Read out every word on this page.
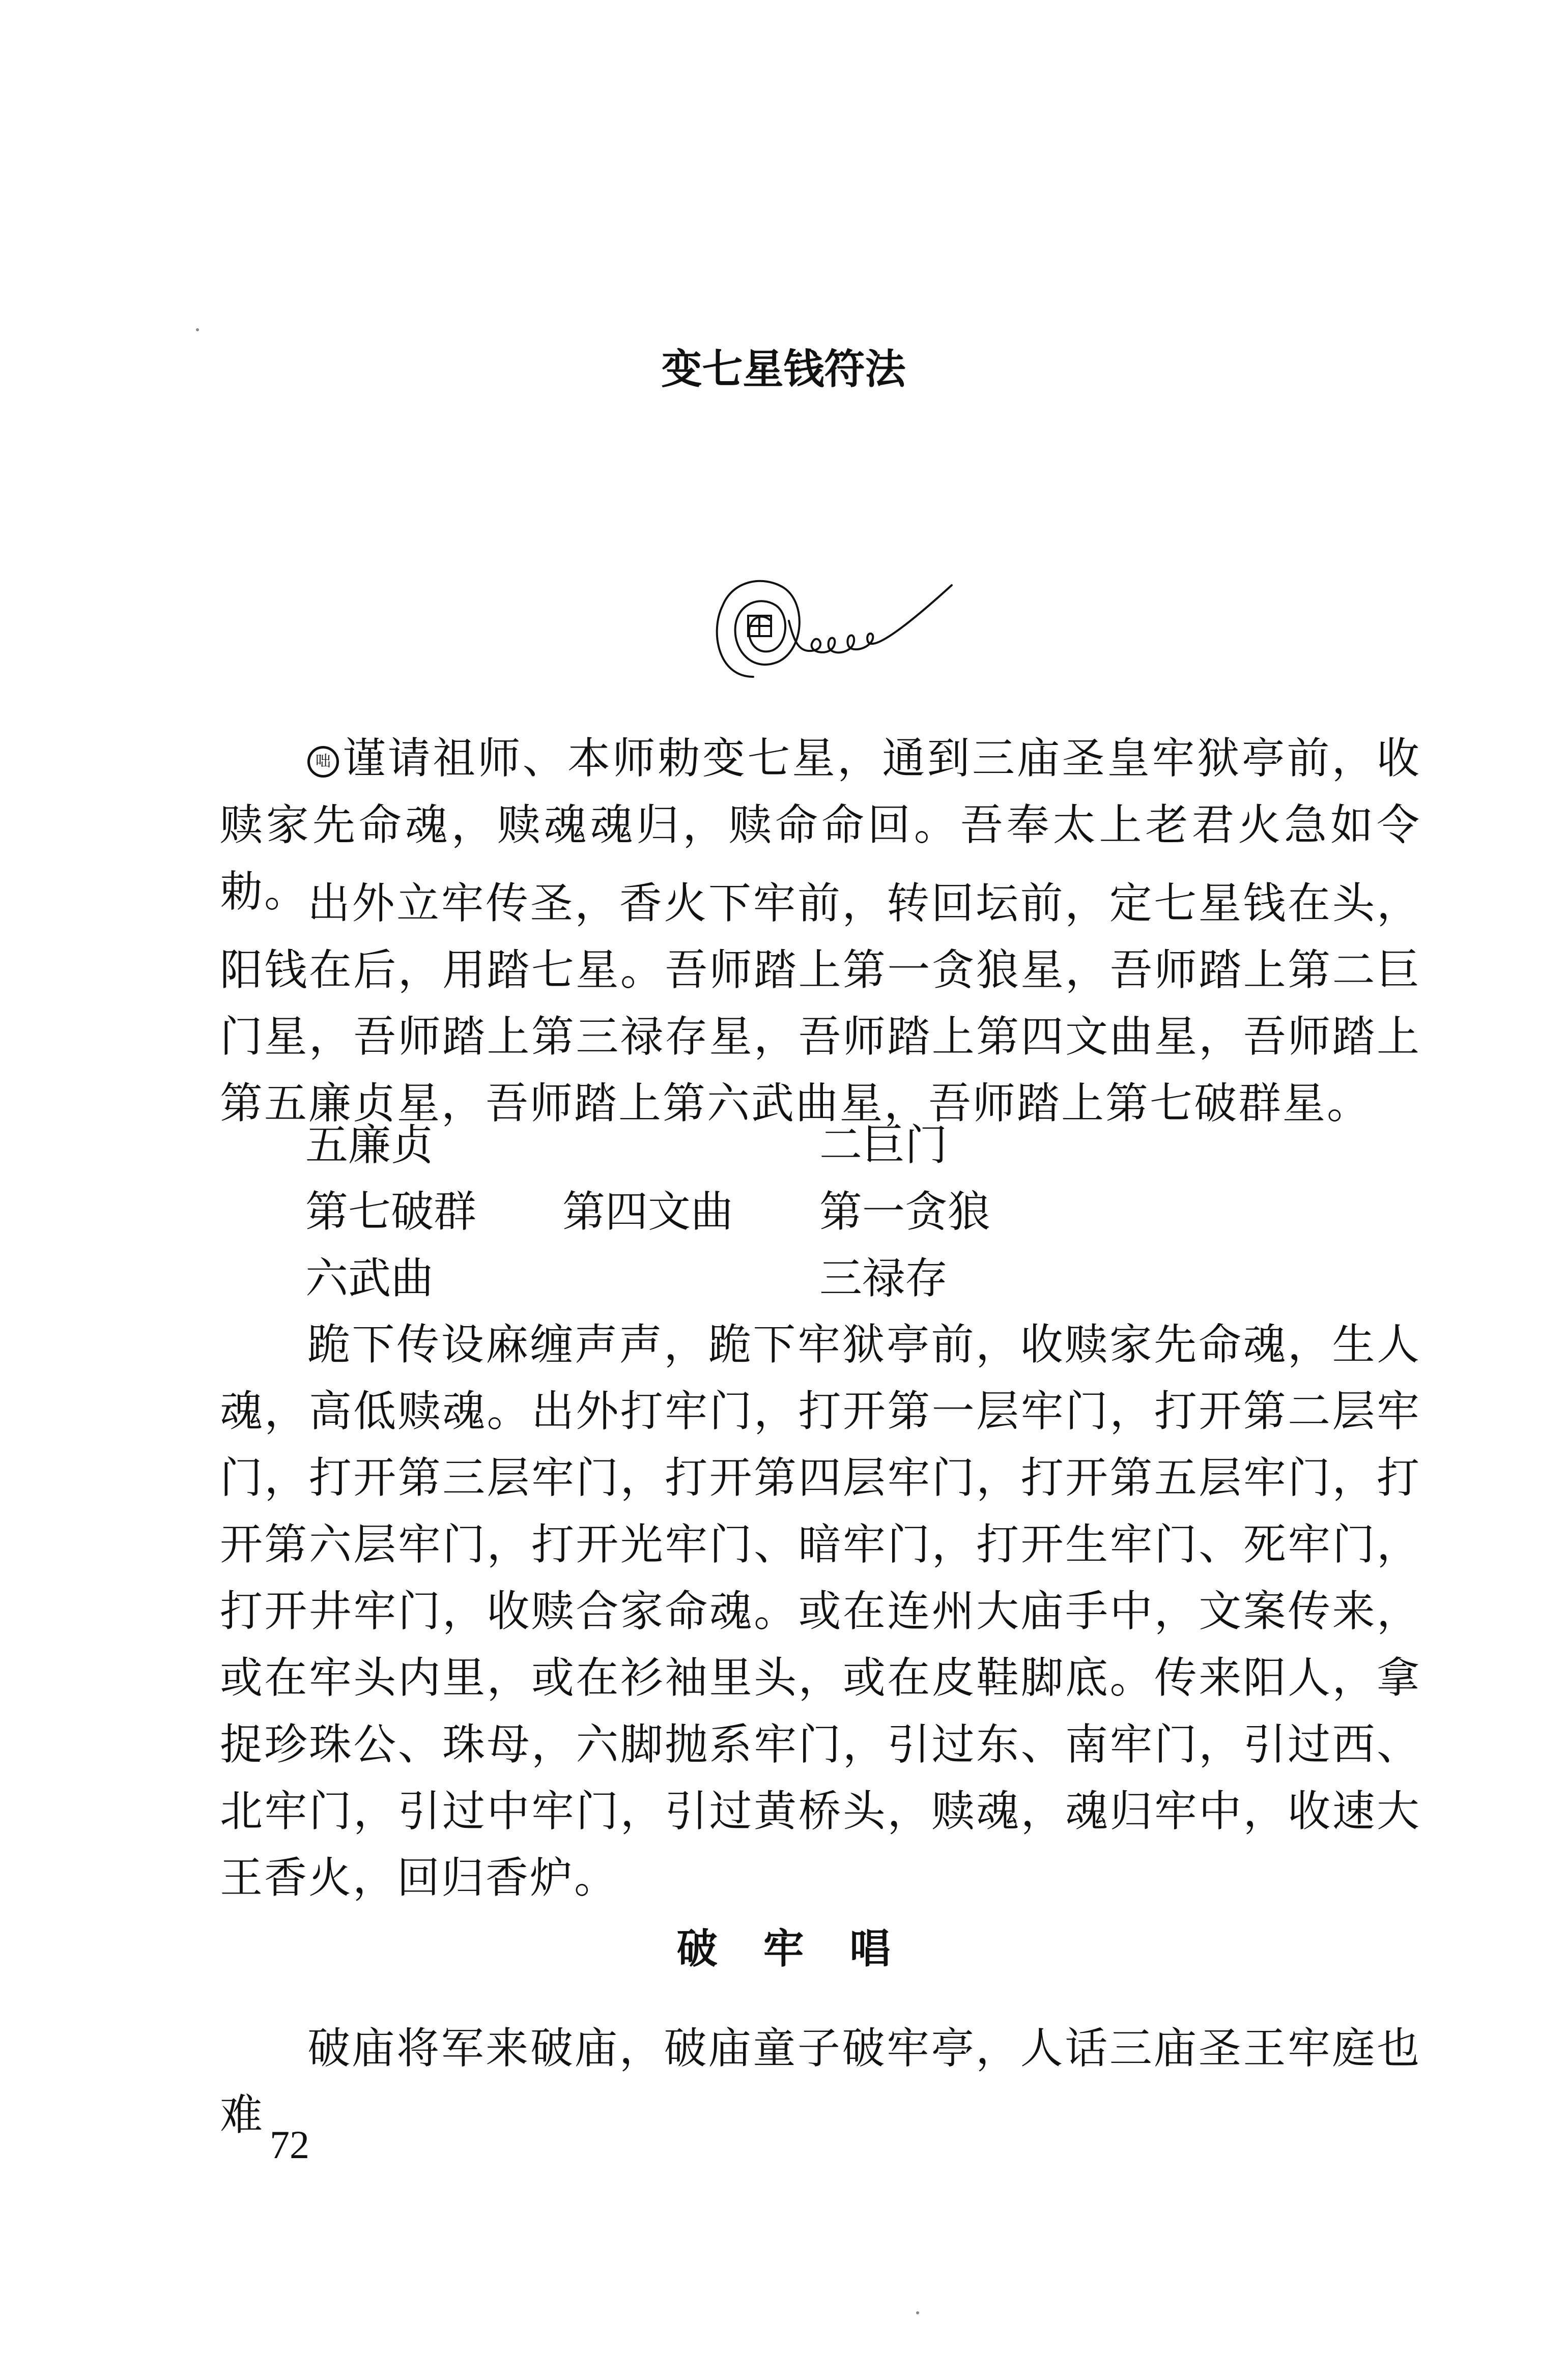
变七星钱符法

咄 谨请祖师、本师勅变七星，通到三庙圣皇牢狱亭前，收赎家先命魂，赎魂魂归，赎命命回。吾奉太上老君火急如令勅。

出外立牢传圣，香火下牢前，转回坛前，定七星钱在头，阳钱在后，用踏七星。吾师踏上第一贪狼星，吾师踏上第二巨门星，吾师踏上第三禄存星，吾师踏上第四文曲星，吾师踏上第五廉贞星，吾师踏上第六武曲星，吾师踏上第七破群星。

五廉贞	二巨门
第七破群 第四文曲 第一贪狼
六武曲	三禄存

跪下传设麻缠声声，跪下牢狱亭前，收赎家先命魂，生人魂，高低赎魂。出外打牢门，打开第一层牢门，打开第二层牢门，打开第三层牢门，打开第四层牢门，打开第五层牢门，打开第六层牢门，打开光牢门、暗牢门，打开生牢门、死牢门，打开井牢门，收赎合家命魂。或在连州大庙手中，文案传来，或在牢头内里，或在衫袖里头，或在皮鞋脚底。传来阳人，拿捉珍珠公、珠母，六脚抛系牢门，引过东、南牢门，引过西、北牢门，引过中牢门，引过黄桥头，赎魂，魂归牢中，收速大王香火，回归香炉。

破牢唱

破庙将军来破庙，破庙童子破牢亭，人话三庙圣王牢庭也难

72
